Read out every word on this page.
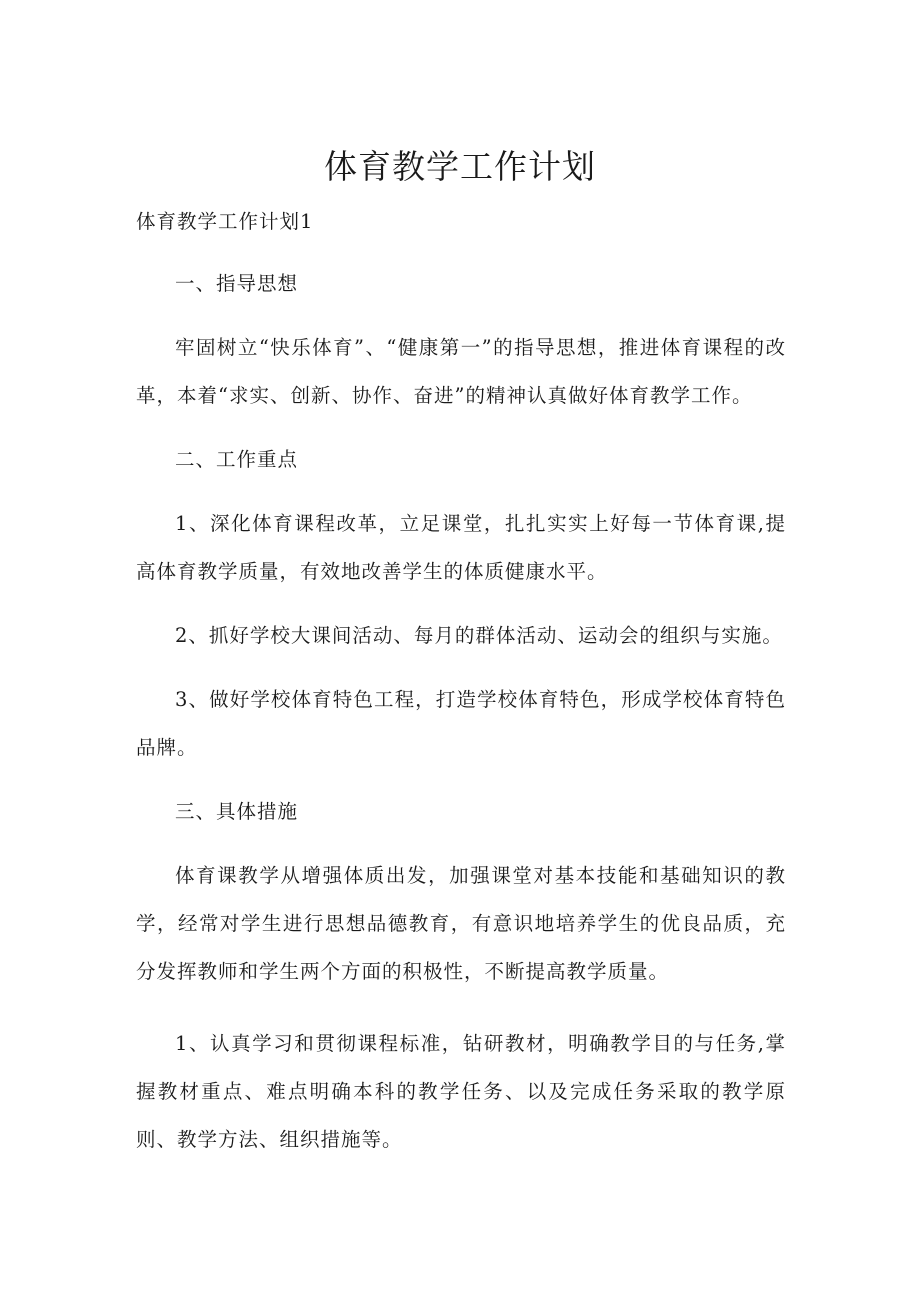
体育教学工作计划

体育教学工作计划1

一、指导思想

牢固树立“快乐体育”、“健康第一”的指导思想，推进体育课程的改革，本着“求实、创新、协作、奋进”的精神认真做好体育教学工作。

二、工作重点

1、深化体育课程改革，立足课堂，扎扎实实上好每一节体育课,提高体育教学质量，有效地改善学生的体质健康水平。

2、抓好学校大课间活动、每月的群体活动、运动会的组织与实施。

3、做好学校体育特色工程，打造学校体育特色，形成学校体育特色品牌。

三、具体措施

体育课教学从增强体质出发，加强课堂对基本技能和基础知识的教学，经常对学生进行思想品德教育，有意识地培养学生的优良品质，充分发挥教师和学生两个方面的积极性，不断提高教学质量。

1、认真学习和贯彻课程标准，钻研教材，明确教学目的与任务,掌握教材重点、难点明确本科的教学任务、以及完成任务采取的教学原则、教学方法、组织措施等。
